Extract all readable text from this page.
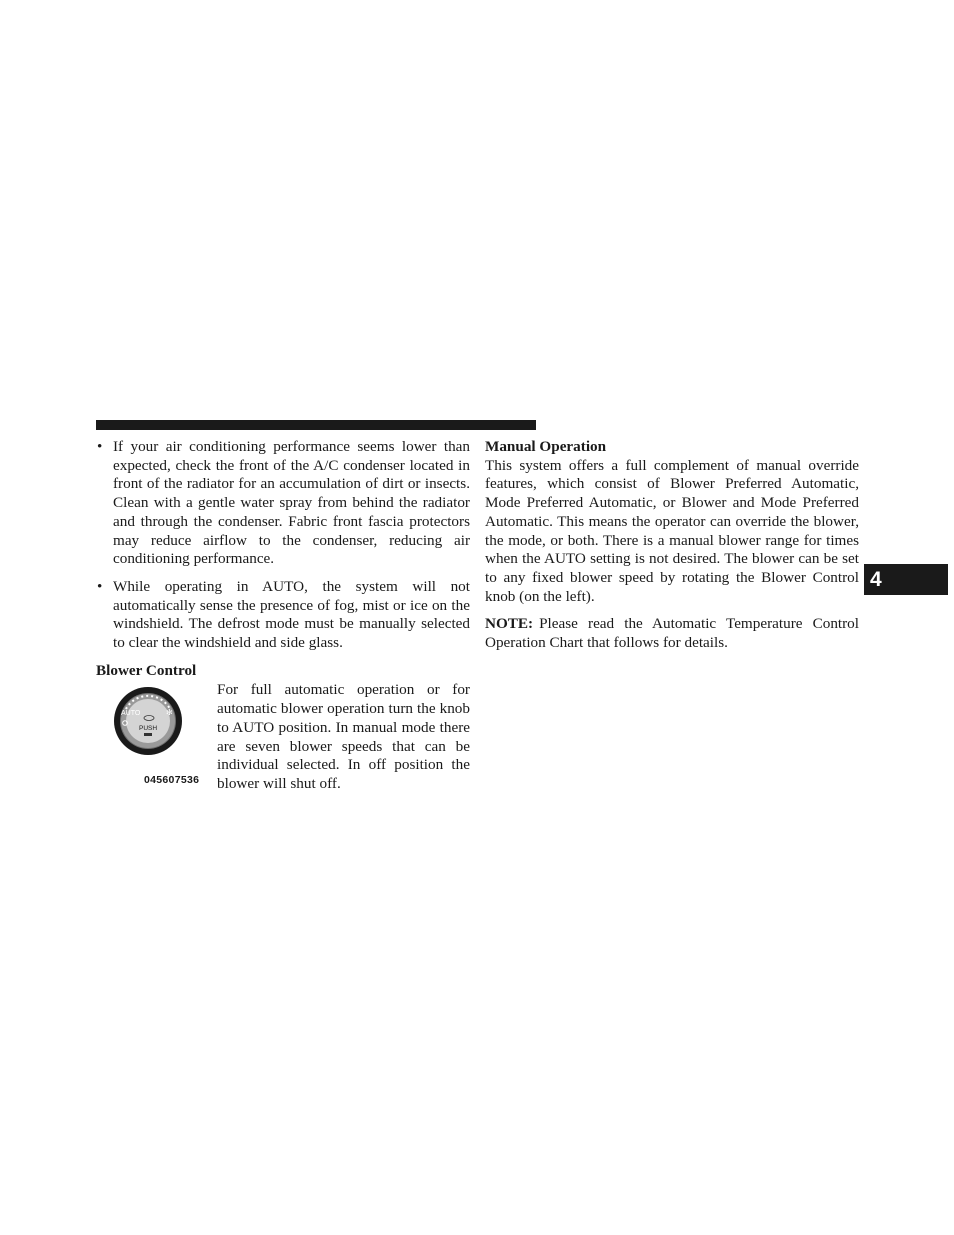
• If your air conditioning performance seems lower than expected, check the front of the A/C condenser located in front of the radiator for an accumulation of dirt or insects. Clean with a gentle water spray from behind the radiator and through the condenser. Fabric front fascia protectors may reduce airflow to the condenser, reducing air conditioning performance.
• While operating in AUTO, the system will not automatically sense the presence of fog, mist or ice on the windshield. The defrost mode must be manually selected to clear the windshield and side glass.

Blower Control

AUTO	✻
PUSH
045607536

For full automatic operation or for automatic blower operation turn the knob to AUTO position. In manual mode there are seven blower speeds that can be individual selected. In off position the blower will shut off.

Manual Operation

This system offers a full complement of manual override features, which consist of Blower Preferred Automatic, Mode Preferred Automatic, or Blower and Mode Preferred Automatic. This means the operator can override the blower, the mode, or both. There is a manual blower range for times when the AUTO setting is not desired. The blower can be set to any fixed blower speed by rotating the Blower Control knob (on the left).

NOTE: Please read the Automatic Temperature Control Operation Chart that follows for details.

4
